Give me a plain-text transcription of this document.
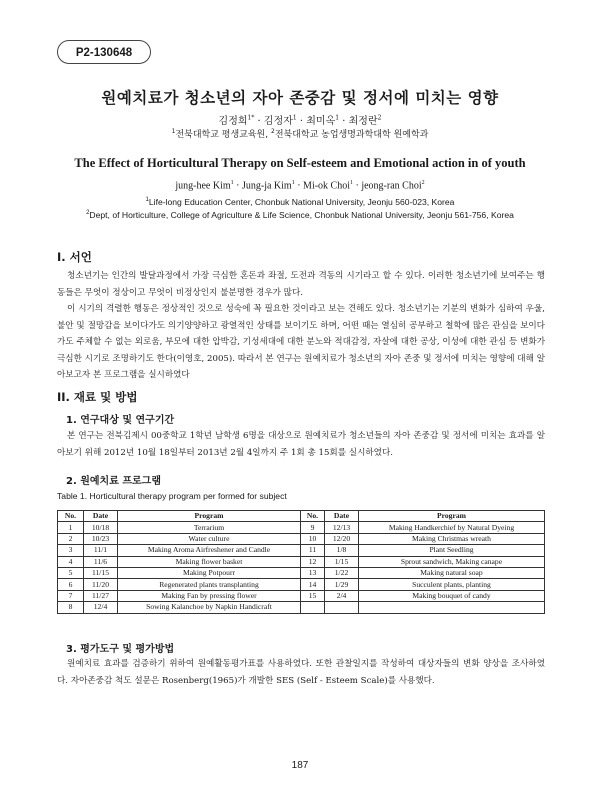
P2-130648
원예치료가 청소년의 자아 존중감 및 정서에 미치는 영향
김정희$^{1*}$ · 김정자$^1$ · 최미옥$^1$ · 최정란$^2$
$^1$전북대학교 평생교육원, $^2$전북대학교 농업생명과학대학 원예학과
The Effect of Horticultural Therapy on Self-esteem and Emotional action in of youth
jung-hee Kim$^1$ · Jung-ja Kim$^1$ · Mi-ok Choi$^1$ · jeong-ran Choi$^2$
$^1$Life-long Education Center, Chonbuk National University, Jeonju 560-023, Korea
$^2$Dept, of Horticulture, College of Agriculture & Life Science, Chonbuk National University, Jeonju 561-756, Korea
I. 서언
청소년기는 인간의 발달과정에서 가장 극심한 혼돈과 좌절, 도전과 격동의 시기라고 할 수 있다. 이러한 청소년기에 보여주는 행동들은 무엇이 정상이고 무엇이 비정상인지 불분명한 경우가 많다.
이 시기의 격렬한 행동은 정상적인 것으로 성숙에 꼭 필요한 것이라고 보는 견해도 있다. 청소년기는 기분의 변화가 심하여 우울, 불안 및 절망감을 보이다가도 의기양양하고 광열적인 상태를 보이기도 하며, 어떤 때는 열심히 공부하고 철학에 많은 관심을 보이다가도 주체할 수 없는 외로움, 부모에 대한 압박감, 기성세대에 대한 분노와 적대감정, 자살에 대한 공상, 이성에 대한 관심 등 변화가 극심한 시기로 조명하기도 한다(이영호, 2005). 따라서 본 연구는 원예치료가 청소년의 자아 존중 및 정서에 미치는 영향에 대해 알아보고자 본 프로그램을 실시하였다
II. 재료 및 방법
1. 연구대상 및 연구기간
본 연구는 전북김제시 00중학교 1학년 남학생 6명을 대상으로 원예치료가 청소년들의 자아 존중감 및 정서에 미치는 효과를 알아보기 위해 2012년 10월 18일부터 2013년 2월 4일까지 주 1회 총 15회를 실시하였다.
2. 원예치료 프로그램
Table 1. Horticultural therapy program per formed for subject
No.	Date	Program	No.	Date	Program
1	10/18	Terrarium	9	12/13	Making Handkerchief by Natural Dyeing
2	10/23	Water culture	10	12/20	Making Christmas wreath
3	11/1	Making Aroma Airfreshener and Candle	11	1/8	Plant Seedling
4	11/6	Making flower basket	12	1/15	Sprout sandwich, Making canape
5	11/15	Making Potpourr	13	1/22	Making natural soap
6	11/20	Regenerated plants transplanting	14	1/29	Succulent plants, planting
7	11/27	Making Fan by pressing flower	15	2/4	Making bouquet of candy
8	12/4	Sowing Kalanchoe by Napkin Handicraft			
3. 평가도구 및 평가방법
원예치료 효과를 검증하기 위하여 원예활동평가표를 사용하였다. 또한 관찰일지를 작성하여 대상자들의 변화 양상을 조사하였다. 자아존중감 척도 설문은 Rosenberg(1965)가 개발한 SES (Self - Esteem Scale)를 사용했다.
187
